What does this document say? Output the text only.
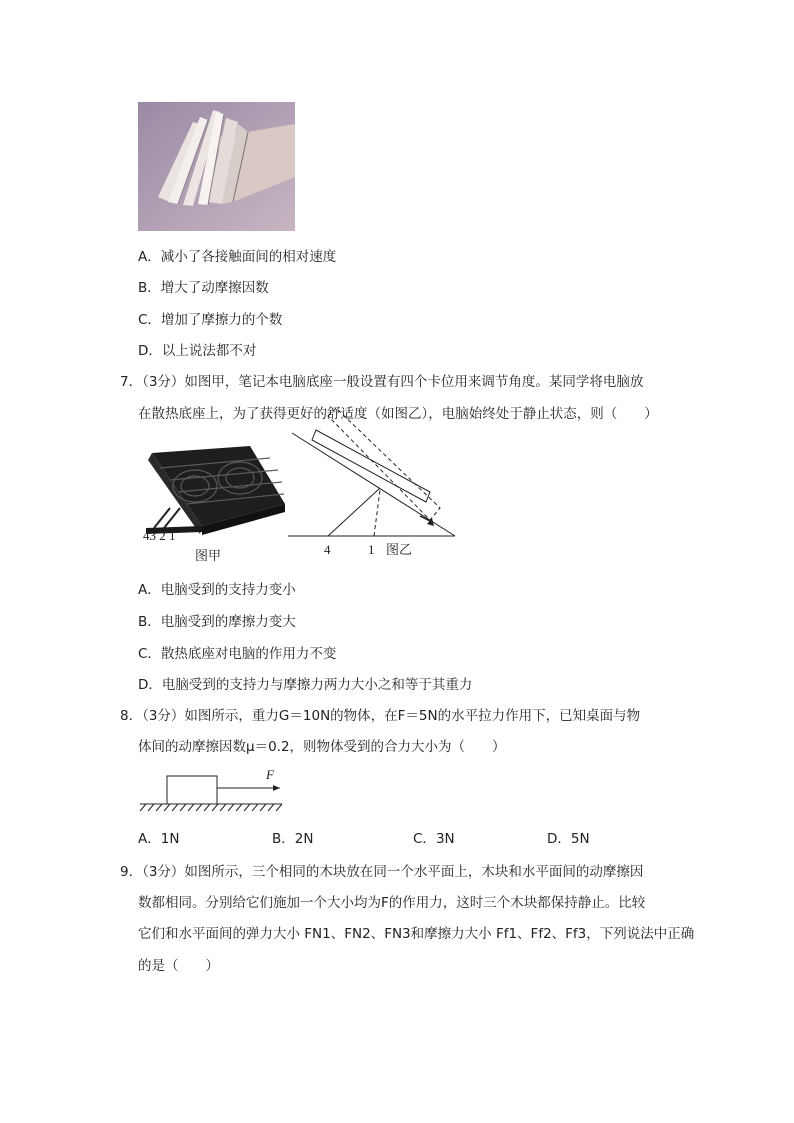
A．减小了各接触面间的相对速度
B．增大了动摩擦因数
C．增加了摩擦力的个数
D．以上说法都不对
7．（3分）如图甲，笔记本电脑底座一般设置有四个卡位用来调节角度。某同学将电脑放
在散热底座上，为了获得更好的舒适度（如图乙），电脑始终处于静止状态，则（　　）
43 2 1
图甲	4	1 图乙
A．电脑受到的支持力变小
B．电脑受到的摩擦力变大
C．散热底座对电脑的作用力不变
D．电脑受到的支持力与摩擦力两力大小之和等于其重力
8．（3分）如图所示，重力G＝10N的物体，在F＝5N的水平拉力作用下，已知桌面与物
体间的动摩擦因数μ＝0.2，则物体受到的合力大小为（　　）
F
A．1N	B．2N	C．3N	D．5N
9．（3分）如图所示，三个相同的木块放在同一个水平面上，木块和水平面间的动摩擦因
数都相同。分别给它们施加一个大小均为F的作用力，这时三个木块都保持静止。比较
它们和水平面间的弹力大小 FN1、FN2、FN3和摩擦力大小 Ff1、Ff2、Ff3，下列说法中正确
的是（　　）
